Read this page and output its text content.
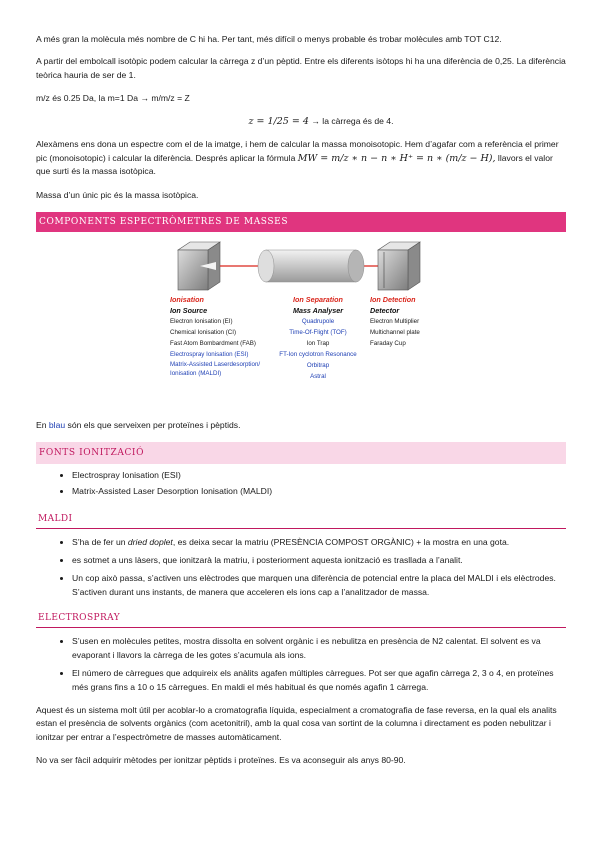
A més gran la molècula més nombre de C hi ha. Per tant, més difícil o menys probable és trobar molècules amb TOT C12.

A partir del embolcall isotòpic podem calcular la càrrega z d’un pèptid. Entre els diferents isòtops hi ha una diferència de 0,25. La diferència teòrica hauria de ser de 1.

m/z és 0.25 Da, la m=1 Da → m/m/z = Z

z = 1/25 = 4 → la càrrega és de 4.

Alexàmens ens dona un espectre com el de la imatge, i hem de calcular la massa monoisotopic. Hem d’agafar com a referència el primer pic (monoisotopic) i calcular la diferència. Després aplicar la fórmula MW = m/z ∗ n − n ∗ H⁺ = n ∗ (m/z − H), llavors el valor que surti és la massa isotòpica.

Massa d’un únic pic és la massa isotòpica.

COMPONENTS ESPECTRÒMETRES DE MASSES
Ionisation
Ion Source
Electron Ionisation (EI)
Chemical Ionisation (CI)
Fast Atom Bombardment (FAB)
Electrospray Ionisation (ESI)
Matrix-Assisted Laserdesorption/ Ionisation (MALDI)
Ion Separation
Mass Analyser
Quadrupole
Time-Of-Flight (TOF)
Ion Trap
FT-Ion cyclotron Resonance
Orbitrap
Astral
Ion Detection
Detector
Electron Multiplier
Multichannel plate
Faraday Cup

En blau són els que serveixen per proteïnes i pèptids.

FONTS IONITZACIÓ
• Electrospray Ionisation (ESI)
• Matrix-Assisted Laser Desorption Ionisation (MALDI)
MALDI
• S’ha de fer un dried doplet, es deixa secar la matriu (PRESÈNCIA COMPOST ORGÀNIC) + la mostra en una gota.
• es sotmet a uns làsers, que ionitzarà la matriu, i posteriorment aquesta ionització es trasllada a l’analit.
• Un cop això passa, s’activen uns elèctrodes que marquen una diferència de potencial entre la placa del MALDI i els elèctrodes. S’activen durant uns instants, de manera que acceleren els ions cap a l’analitzador de massa.
ELECTROSPRAY
• S’usen en molècules petites, mostra dissolta en solvent orgànic i es nebulitza en presència de N2 calentat. El solvent es va evaporant i llavors la càrrega de les gotes s’acumula als ions.
• El número de càrregues que adquireix els anàlits agafen múltiples càrregues. Pot ser que agafin càrrega 2, 3 o 4, en proteïnes més grans fins a 10 o 15 càrregues. En maldi el més habitual és que només agafin 1 càrrega.

Aquest és un sistema molt útil per acoblar-lo a cromatografia líquida, especialment a cromatografia de fase reversa, en la qual els analits estan el presència de solvents orgànics (com acetonitril), amb la qual cosa van sortint de la columna i directament es poden nebulitzar i ionitzar per entrar a l’espectròmetre de masses automàticament.

No va ser fàcil adquirir mètodes per ionitzar pèptids i proteïnes. Es va aconseguir als anys 80-90.
